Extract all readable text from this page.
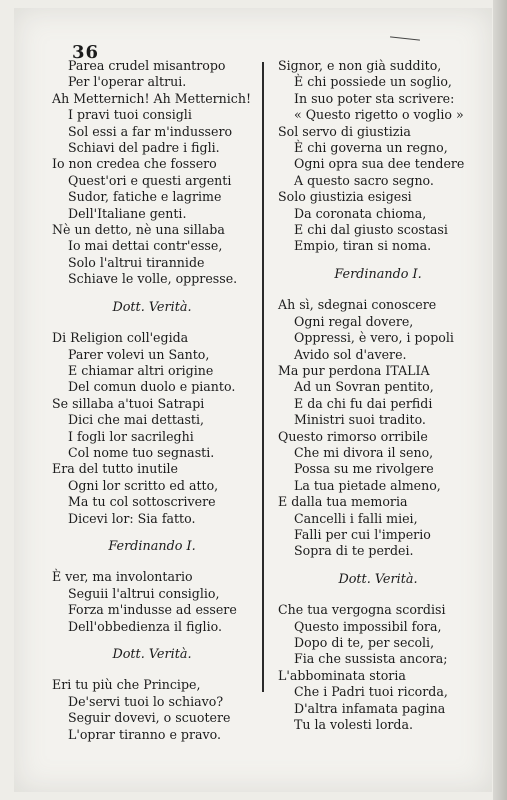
36
Parea crudel misantropo
Per l'operar altrui.
Ah Metternich! Ah Metternich!
I pravi tuoi consigli
Sol essi a far m'indussero
Schiavi del padre i figli.
Io non credea che fossero
Quest'ori e questi argenti
Sudor, fatiche e lagrime
Dell'Italiane genti.
Nè un detto, nè una sillaba
Io mai dettai contr'esse,
Solo l'altrui tirannide
Schiave le volle, oppresse.
Dott. Verità.
Di Religion coll'egida
Parer volevi un Santo,
E chiamar altri origine
Del comun duolo e pianto.
Se sillaba a'tuoi Satrapi
Dici che mai dettasti,
I fogli lor sacrileghi
Col nome tuo segnasti.
Era del tutto inutile
Ogni lor scritto ed atto,
Ma tu col sottoscrivere
Dicevi lor: Sia fatto.
Ferdinando I.
È ver, ma involontario
Seguii l'altrui consiglio,
Forza m'indusse ad essere
Dell'obbedienza il figlio.
Dott. Verità.
Eri tu più che Principe,
De'servi tuoi lo schiavo?
Seguir dovevi, o scuotere
L'oprar tiranno e pravo.
Signor, e non già suddito,
È chi possiede un soglio,
In suo poter sta scrivere:
« Questo rigetto o voglio »
Sol servo di giustizia
È chi governa un regno,
Ogni opra sua dee tendere
A questo sacro segno.
Solo giustizia esigesi
Da coronata chioma,
E chi dal giusto scostasi
Empio, tiran si noma.
Ferdinando I.
Ah sì, sdegnai conoscere
Ogni regal dovere,
Oppressi, è vero, i popoli
Avido sol d'avere.
Ma pur perdona ITALIA
Ad un Sovran pentito,
E da chi fu dai perfidi
Ministri suoi tradito.
Questo rimorso orribile
Che mi divora il seno,
Possa su me rivolgere
La tua pietade almeno,
E dalla tua memoria
Cancelli i falli miei,
Falli per cui l'imperio
Sopra di te perdei.
Dott. Verità.
Che tua vergogna scordisi
Questo impossibil fora,
Dopo di te, per secoli,
Fia che sussista ancora;
L'abbominata storia
Che i Padri tuoi ricorda,
D'altra infamata pagina
Tu la volesti lorda.
